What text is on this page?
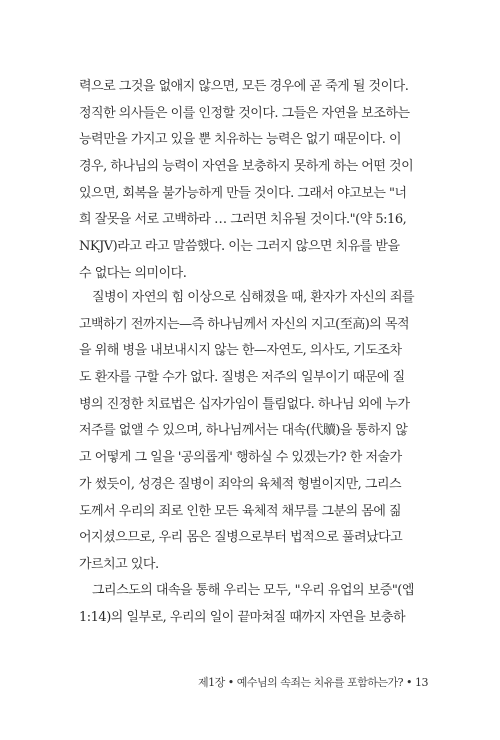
력으로 그것을 없애지 않으면, 모든 경우에 곧 죽게 될 것이다.
정직한 의사들은 이를 인정할 것이다. 그들은 자연을 보조하는
능력만을 가지고 있을 뿐 치유하는 능력은 없기 때문이다. 이
경우, 하나님의 능력이 자연을 보충하지 못하게 하는 어떤 것이
있으면, 회복을 불가능하게 만들 것이다. 그래서 야고보는 "너
희 잘못을 서로 고백하라 … 그러면 치유될 것이다."(약 5:16,
NKJV)라고 라고 말씀했다. 이는 그러지 않으면 치유를 받을
수 없다는 의미이다.

질병이 자연의 힘 이상으로 심해졌을 때, 환자가 자신의 죄를
고백하기 전까지는—즉 하나님께서 자신의 지고(至高)의 목적
을 위해 병을 내보내시지 않는 한—자연도, 의사도, 기도조차
도 환자를 구할 수가 없다. 질병은 저주의 일부이기 때문에 질
병의 진정한 치료법은 십자가임이 틀림없다. 하나님 외에 누가
저주를 없앨 수 있으며, 하나님께서는 대속(代贖)을 통하지 않
고 어떻게 그 일을 '공의롭게' 행하실 수 있겠는가? 한 저술가
가 썼듯이, 성경은 질병이 죄악의 육체적 형벌이지만, 그리스
도께서 우리의 죄로 인한 모든 육체적 채무를 그분의 몸에 짊
어지셨으므로, 우리 몸은 질병으로부터 법적으로 풀려났다고
가르치고 있다.

그리스도의 대속을 통해 우리는 모두, "우리 유업의 보증"(엡
1:14)의 일부로, 우리의 일이 끝마쳐질 때까지 자연을 보충하

제1장 • 예수님의 속죄는 치유를 포함하는가? • 13
